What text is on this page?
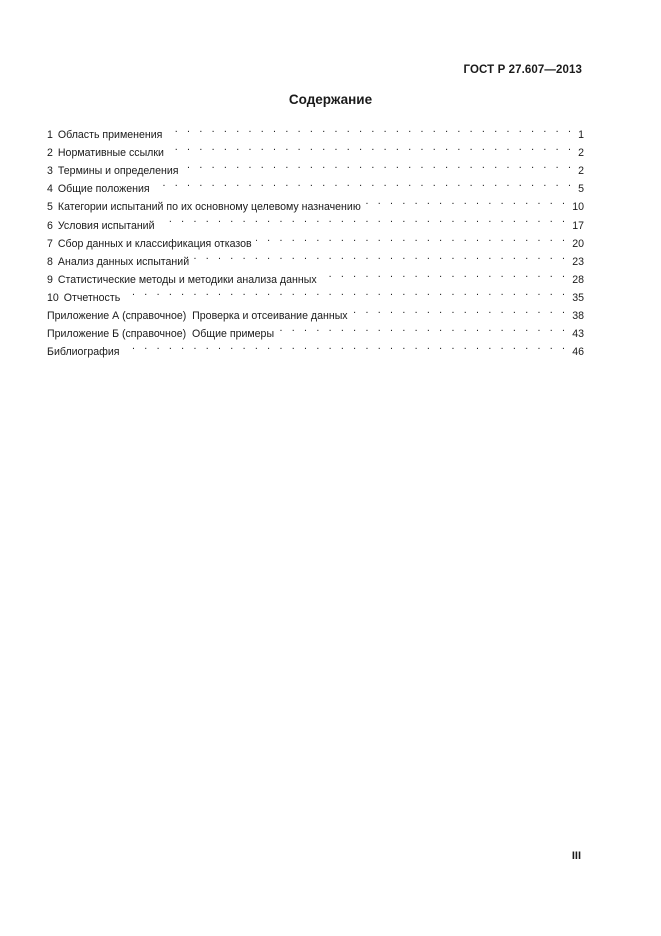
ГОСТ Р 27.607—2013
Содержание
1 Область применения . . .	1
2 Нормативные ссылки . . .	2
3 Термины и определения . . .	2
4 Общие положения . . .	5
5 Категории испытаний по их основному целевому назначению . . .	10
6 Условия испытаний . . .	17
7 Сбор данных и классификация отказов . . .	20
8 Анализ данных испытаний . . .	23
9 Статистические методы и методики анализа данных . . .	28
10 Отчетность . . .	35
Приложение А (справочное)  Проверка и отсеивание данных . . .	38
Приложение Б (справочное)  Общие примеры . . .	43
Библиография . . .	46
III
